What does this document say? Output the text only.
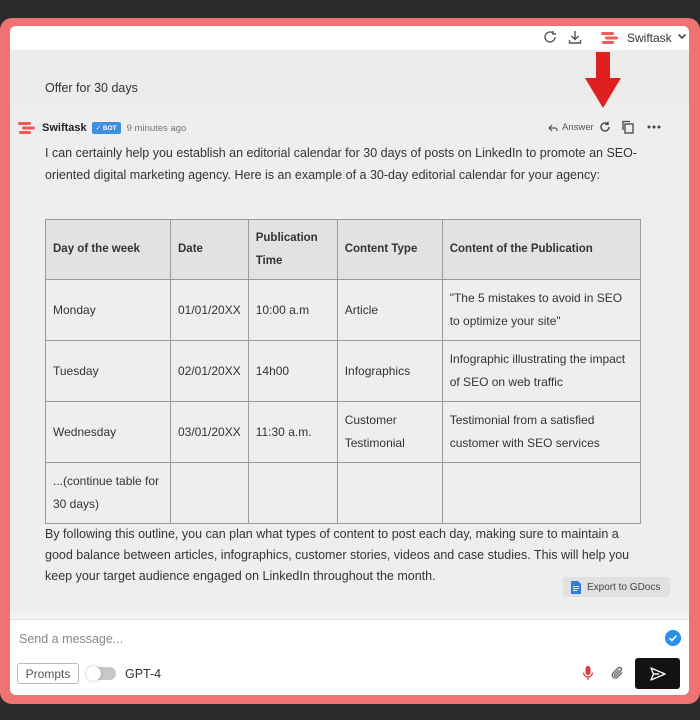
Swiftask
Offer for 30 days
Swiftask	✓ BOT	9 minutes ago	Answer
I can certainly help you establish an editorial calendar for 30 days of posts on LinkedIn to promote an SEO-oriented digital marketing agency. Here is an example of a 30-day editorial calendar for your agency:
Day of the week	Date	Publication Time	Content Type	Content of the Publication
Monday	01/01/20XX	10:00 a.m	Article	"The 5 mistakes to avoid in SEO to optimize your site"
Tuesday	02/01/20XX	14h00	Infographics	Infographic illustrating the impact of SEO on web traffic
Wednesday	03/01/20XX	11:30 a.m.	Customer Testimonial	Testimonial from a satisfied customer with SEO services
...(continue table for 30 days)				
By following this outline, you can plan what types of content to post each day, making sure to maintain a good balance between articles, infographics, customer stories, videos and case studies. This will help you keep your target audience engaged on LinkedIn throughout the month.
Export to GDocs
Send a message...
Prompts	GPT-4
